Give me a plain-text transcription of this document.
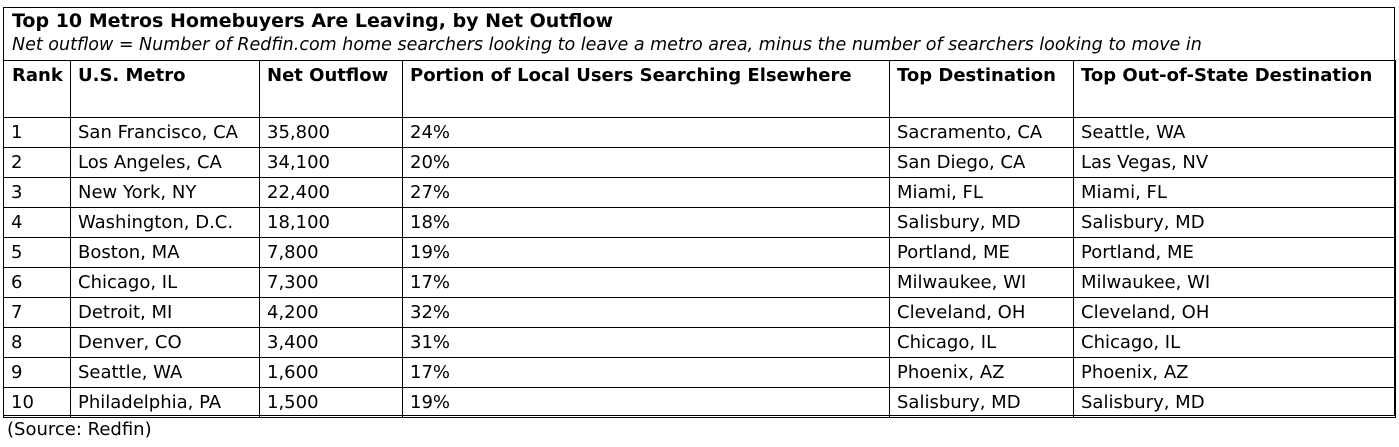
Top 10 Metros Homebuyers Are Leaving, by Net Outflow
Net outflow = Number of Redfin.com home searchers looking to leave a metro area, minus the number of searchers looking to move in
Rank	U.S. Metro	Net Outflow	Portion of Local Users Searching Elsewhere	Top Destination	Top Out-of-State Destination
1	San Francisco, CA	35,800	24%	Sacramento, CA	Seattle, WA
2	Los Angeles, CA	34,100	20%	San Diego, CA	Las Vegas, NV
3	New York, NY	22,400	27%	Miami, FL	Miami, FL
4	Washington, D.C.	18,100	18%	Salisbury, MD	Salisbury, MD
5	Boston, MA	7,800	19%	Portland, ME	Portland, ME
6	Chicago, IL	7,300	17%	Milwaukee, WI	Milwaukee, WI
7	Detroit, MI	4,200	32%	Cleveland, OH	Cleveland, OH
8	Denver, CO	3,400	31%	Chicago, IL	Chicago, IL
9	Seattle, WA	1,600	17%	Phoenix, AZ	Phoenix, AZ
10	Philadelphia, PA	1,500	19%	Salisbury, MD	Salisbury, MD
(Source: Redfin)
